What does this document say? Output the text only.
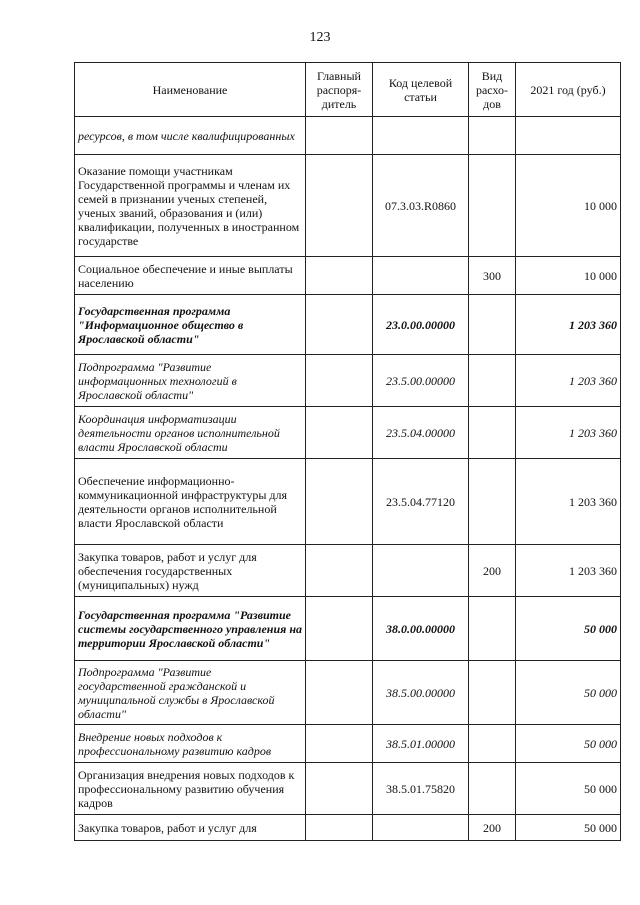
123
Наименование	Главный распоря- дитель	Код целевой статьи	Вид расхо- дов	2021 год (руб.)
ресурсов, в том числе квалифицированных				
Оказание помощи участникам Государственной программы и членам их семей в признании ученых степеней, ученых званий, образования и (или) квалификации, полученных в иностранном государстве		07.3.03.R0860		10 000
Социальное обеспечение и иные выплаты населению			300	10 000
Государственная программа "Информационное общество в Ярославской области"		23.0.00.00000		1 203 360
Подпрограмма "Развитие информационных технологий в Ярославской области"		23.5.00.00000		1 203 360
Координация информатизации деятельности органов исполнительной власти Ярославской области		23.5.04.00000		1 203 360
Обеспечение информационно-коммуникационной инфраструктуры для деятельности органов исполнительной власти Ярославской области		23.5.04.77120		1 203 360
Закупка товаров, работ и услуг для обеспечения государственных (муниципальных) нужд			200	1 203 360
Государственная программа "Развитие системы государственного управления на территории Ярославской области"		38.0.00.00000		50 000
Подпрограмма "Развитие государственной гражданской и муниципальной службы в Ярославской области"		38.5.00.00000		50 000
Внедрение новых подходов к профессиональному развитию кадров		38.5.01.00000		50 000
Организация внедрения новых подходов к профессиональному развитию обучения кадров		38.5.01.75820		50 000
Закупка товаров, работ и услуг для			200	50 000
